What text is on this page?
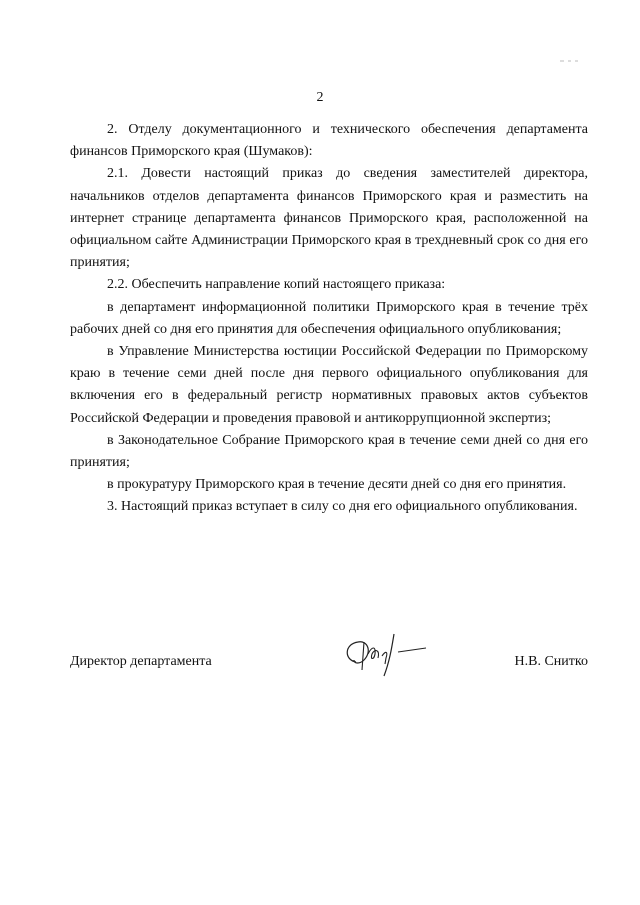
2

2. Отделу документационного и технического обеспечения департамента финансов Приморского края (Шумаков):

2.1. Довести настоящий приказ до сведения заместителей директора, начальников отделов департамента финансов Приморского края и разместить на интернет странице департамента финансов Приморского края, расположенной на официальном сайте Администрации Приморского края в трехдневный срок со дня его принятия;

2.2. Обеспечить направление копий настоящего приказа:

в департамент информационной политики Приморского края в течение трёх рабочих дней со дня его принятия для обеспечения официального опубликования;

в Управление Министерства юстиции Российской Федерации по Приморскому краю в течение семи дней после дня первого официального опубликования для включения его в федеральный регистр нормативных правовых актов субъектов Российской Федерации и проведения правовой и антикоррупционной экспертиз;

в Законодательное Собрание Приморского края в течение семи дней со дня его принятия;

в прокуратуру Приморского края в течение десяти дней со дня его принятия.

3. Настоящий приказ вступает в силу со дня его официального опубликования.

Директор департамента	Н.В. Снитко
